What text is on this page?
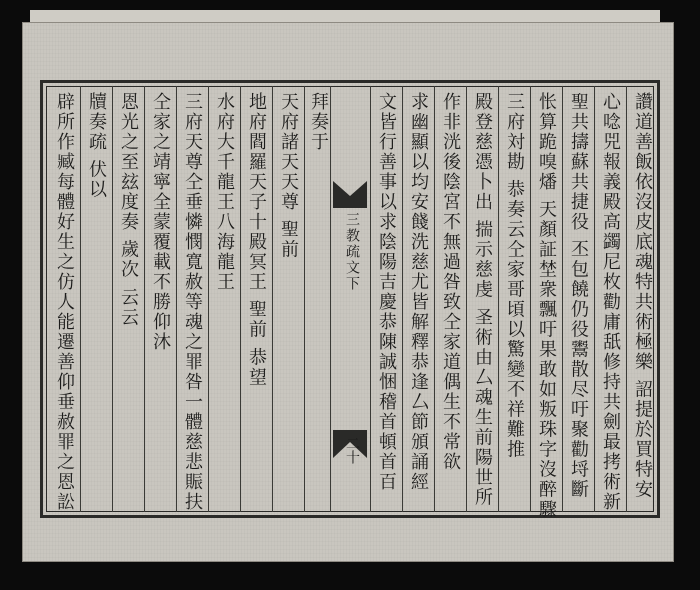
三教疏文下
二十	讚道善飯依沒皮底魂特共術極樂 詔提於買特安
心唸兕報義殿高蠲尼枚勸庸舐修持共劍最拷術新
聖共擣蘇共捷役 丕包饒仍役鬻散尽吁聚勸埒斷
怅算跪嗅燔 天顏証埜衆飄吁果敢如叛珠字沒醉驟
三府対勘 恭奏云仝家哥頃以驚變不祥難推
殿登慈憑卜出 揣示慈虔 圣術由厶魂生前陽世所
作非洸後陰宮不無過咎致仝家道偶生不常欲
求幽顯以均安餞洗慈尤皆解釋恭逢厶節頒誦經
文皆行善事以求陰陽吉慶恭陳誠悃稽首頓首百
拜奏于
天府諸天天尊 聖前
地府閻羅天子十殿冥王 聖前 恭望
水府大千龍王八海龍王
三府天尊仝垂憐憫寬赦等魂之罪咎一體慈悲賑扶
仝家之靖寧全蒙覆載不勝仰沐
恩光之至玆度奏 歲次 云云
牘奏疏 伏以
辟所作臧每體好生之仿人能遷善仰垂赦罪之恩訟
